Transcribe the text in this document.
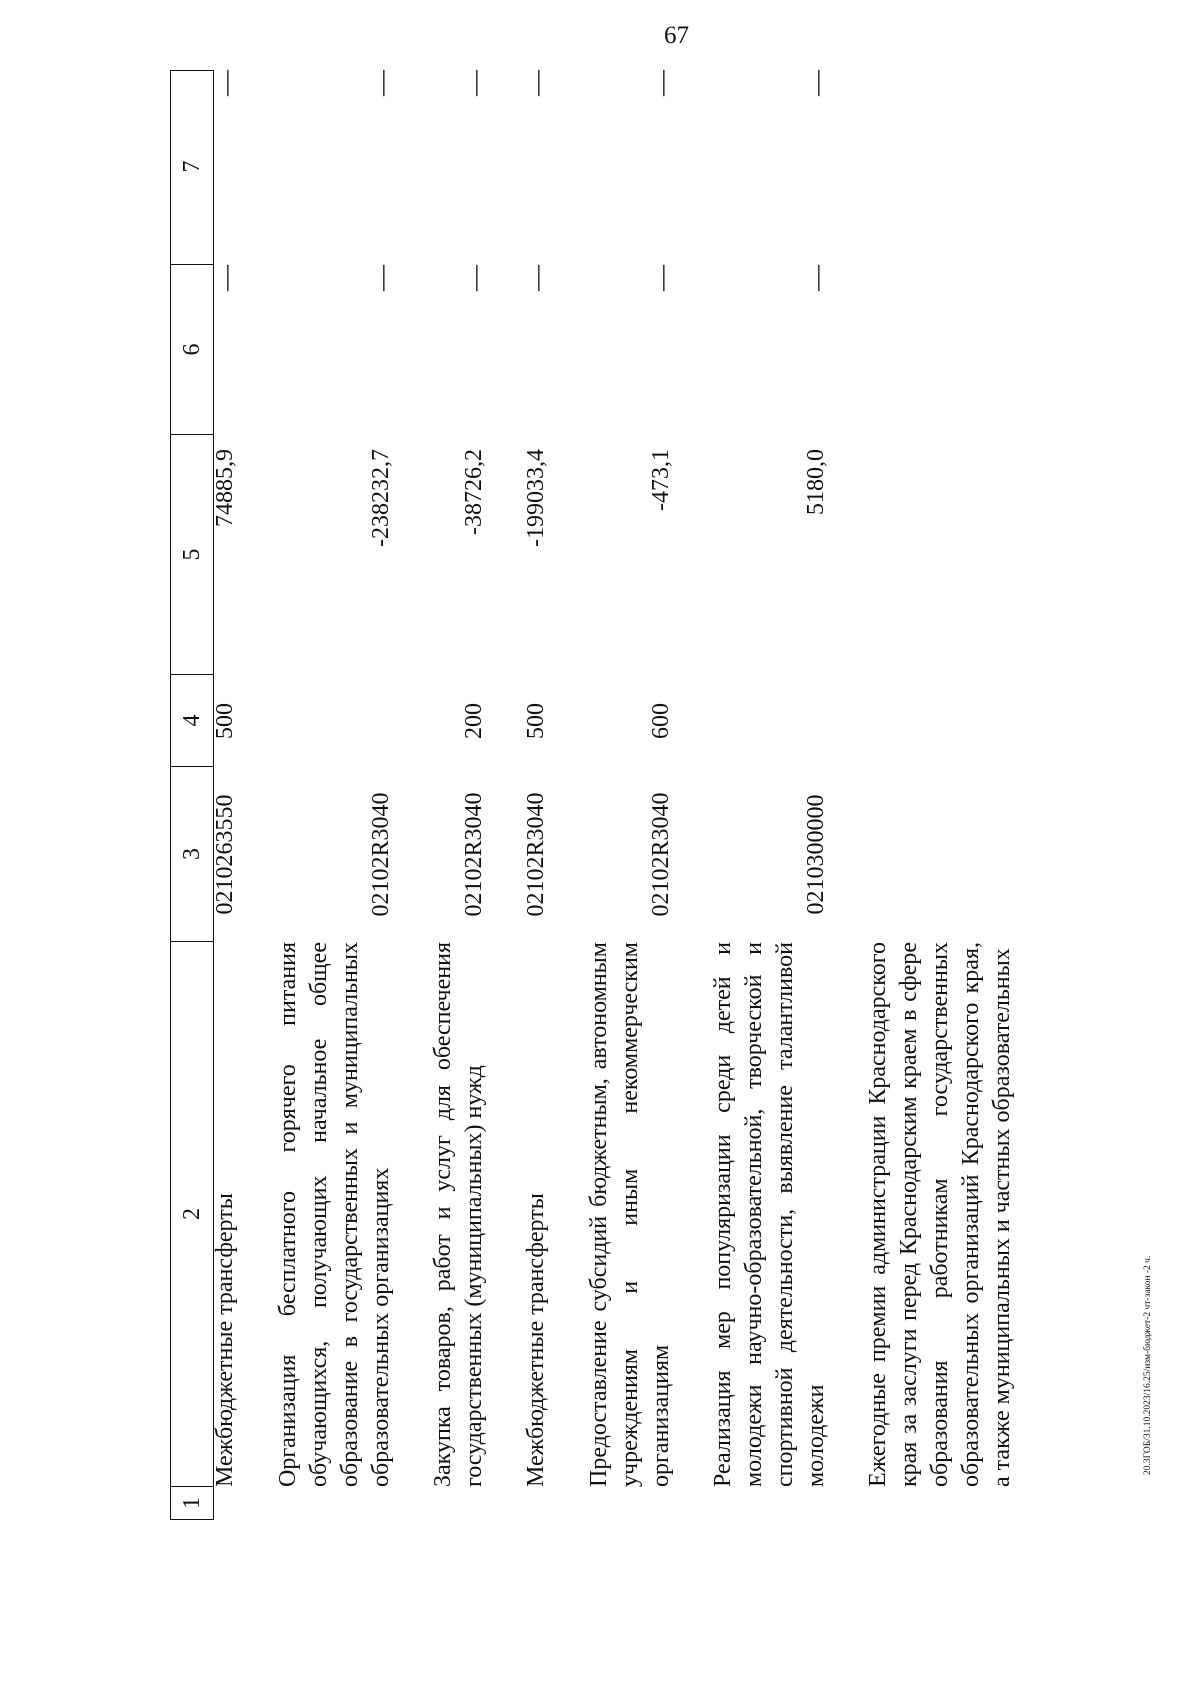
67
20.3ГОБ/31.10.2023/16.25/изм-бюджет-2 чт-закон -2 ч.
1
2
3
4
5
6
7
Межбюджетные трансферты
0210263550
500
74885,9
—
—
Организация бесплатного горячего питания обучающихся, получающих начальное общее образование в государственных и муниципальных образовательных организациях
02102R3040
-238232,7
—
—
Закупка товаров, работ и услуг для обеспечения государственных (муниципальных) нужд
02102R3040
200
-38726,2
—
—
Межбюджетные трансферты
02102R3040
500
-199033,4
—
—
Предоставление субсидий бюджетным, автономным учреждениям и иным некоммерческим организациям
02102R3040
600
-473,1
—
—
Реализация мер популяризации среди детей и молодежи научно-образовательной, творческой и спортивной деятельности, выявление талантливой молодежи
0210300000
5180,0
—
—
Ежегодные премии администрации Краснодарского края за заслуги перед Краснодарским краем в сфере образования работникам государственных образовательных организаций Краснодарского края, а также муниципальных и частных образовательных
